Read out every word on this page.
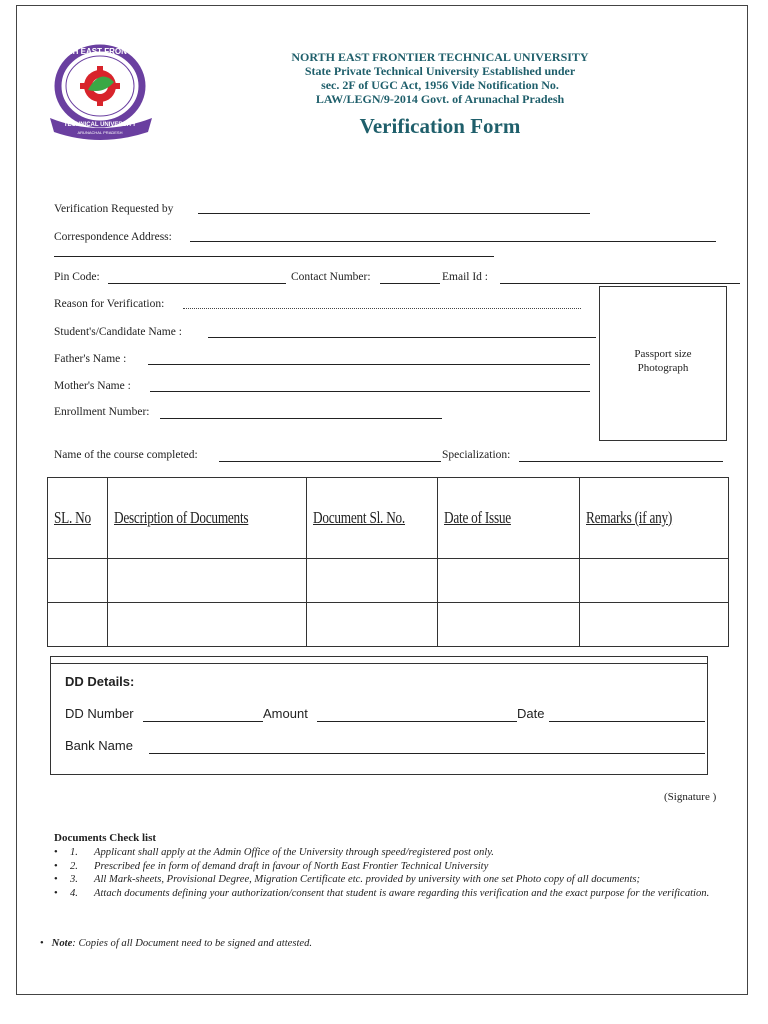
ORH EAST FRONTIE
TECHNICAL UNIVERSITY
ARUNACHAL PRADESH
NORTH EAST FRONTIER TECHNICAL UNIVERSITY
State Private Technical University Established under
sec. 2F of UGC Act, 1956 Vide Notification No.
LAW/LEGN/9-2014 Govt. of Arunachal Pradesh
Verification Form
Verification Requested by
Correspondence Address:
Pin Code:	Contact Number:	Email Id :
Reason for Verification:
Student's/Candidate Name :
Father's Name :
Mother's Name :
Enrollment Number:
Passport size
Photograph
Name of the course completed:	Specialization:
SL. No	Description of Documents	Document Sl. No.	Date of Issue	Remarks (if any)

DD Details:
DD Number	Amount	Date
Bank Name
(Signature )
Documents Check list
• 1. Applicant shall apply at the Admin Office of the University through speed/registered post only.
• 2. Prescribed fee in form of demand draft in favour of North East Frontier Technical University
• 3. All Mark-sheets, Provisional Degree, Migration Certificate etc. provided by university with one set Photo copy of all documents;
• 4. Attach documents defining your authorization/consent that student is aware regarding this verification and the exact purpose for the verification.
• Note: Copies of all Document need to be signed and attested.
